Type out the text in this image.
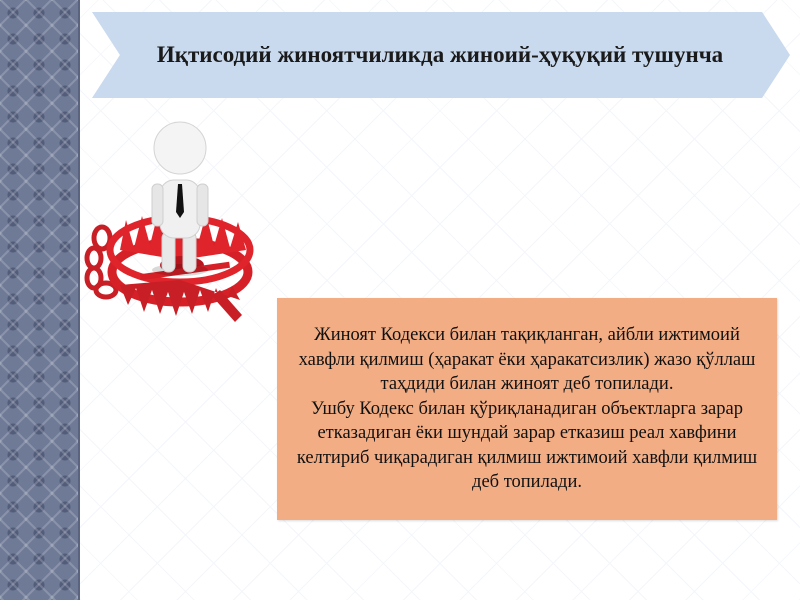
Иқтисодий жиноятчиликда жиноий-ҳуқуқий тушунча

Жиноят Кодекси билан тақиқланган, айбли ижтимоий хавфли қилмиш (ҳаракат ёки ҳаракатсизлик) жазо қўллаш таҳдиди билан жиноят деб топилади.

Ушбу Кодекс билан қўриқланадиган объектларга зарар етказадиган ёки шундай зарар етказиш реал хавфини келтириб чиқарадиган қилмиш ижтимоий хавфли қилмиш деб топилади.
